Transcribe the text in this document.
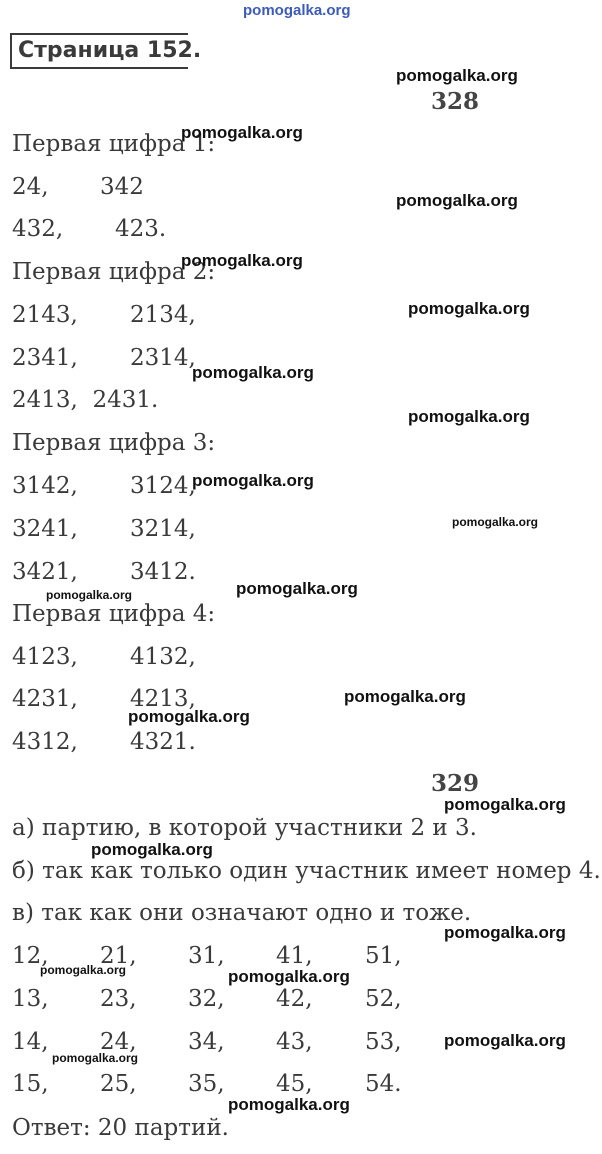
pomogalka.org
Страница 152.
328
Первая цифра 1:
24, 342
432, 423.
Первая цифра 2:
2143, 2134,
2341, 2314,
2413,  2431.
Первая цифра 3:
3142, 3124,
3241, 3214,
3421, 3412.
Первая цифра 4:
4123, 4132,
4231, 4213,
4312, 4321.
329
а) партию, в которой участники 2 и 3.
б) так как только один участник имеет номер 4.
в) так как они означают одно и тоже.
12, 21, 31, 41, 51,
13, 23, 32, 42, 52,
14, 24, 34, 43, 53,
15, 25, 35, 45, 54.
Ответ: 20 партий.
pomogalka.org
pomogalka.org
pomogalka.org
pomogalka.org
pomogalka.org
pomogalka.org
pomogalka.org
pomogalka.org
pomogalka.org
pomogalka.org	pomogalka.org
pomogalka.org
pomogalka.org
pomogalka.org
pomogalka.org
pomogalka.org
pomogalka.org	pomogalka.org
pomogalka.org
pomogalka.org
pomogalka.org
